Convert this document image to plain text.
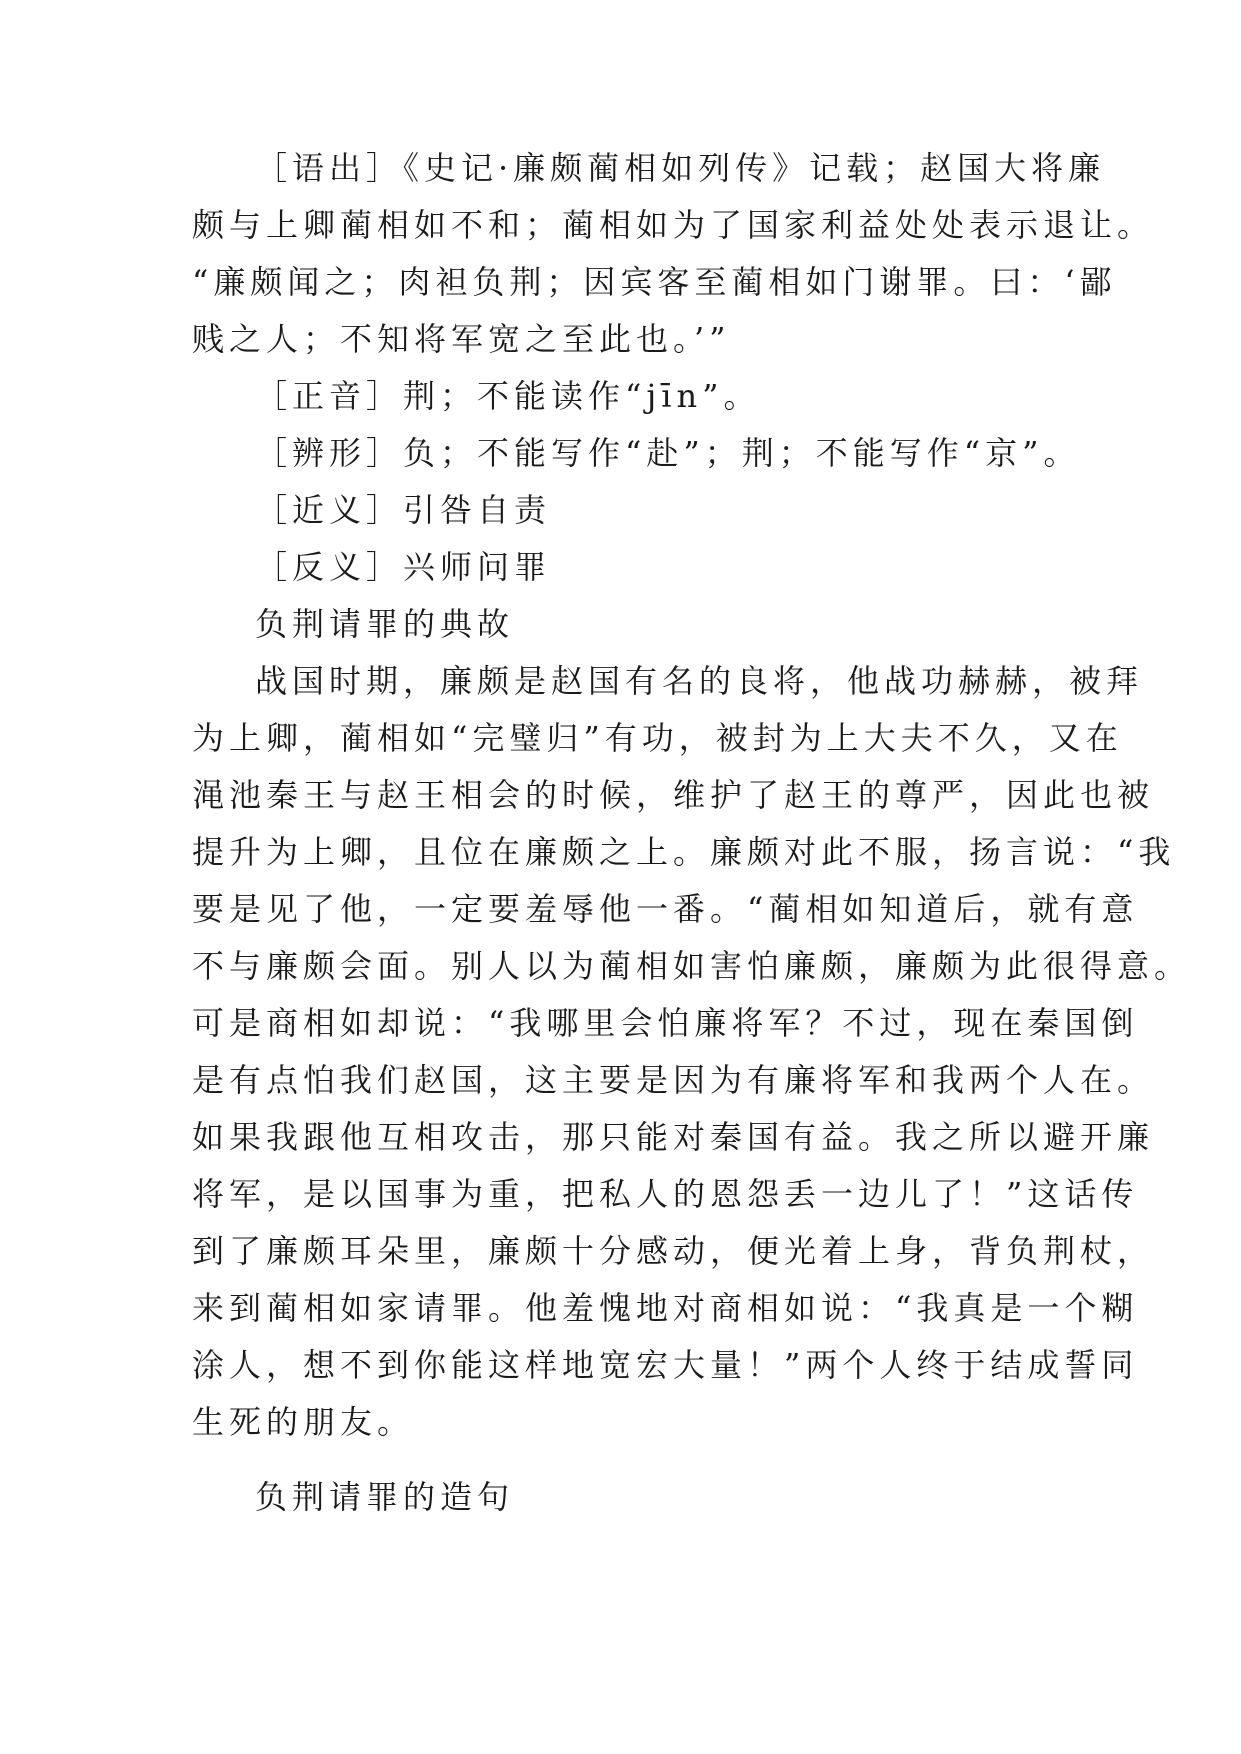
［语出］《史记·廉颇蔺相如列传》记载；赵国大将廉

颇与上卿蔺相如不和；蔺相如为了国家利益处处表示退让。

“廉颇闻之；肉袒负荆；因宾客至蔺相如门谢罪。曰：‘鄙

贱之人；不知将军宽之至此也。’”

［正音］荆；不能读作“jīn”。

［辨形］负；不能写作“赴”；荆；不能写作“京”。

［近义］引咎自责

［反义］兴师问罪

负荆请罪的典故

战国时期，廉颇是赵国有名的良将，他战功赫赫，被拜

为上卿，蔺相如“完璧归”有功，被封为上大夫不久，又在

渑池秦王与赵王相会的时候，维护了赵王的尊严，因此也被

提升为上卿，且位在廉颇之上。廉颇对此不服，扬言说：“我

要是见了他，一定要羞辱他一番。“蔺相如知道后，就有意

不与廉颇会面。别人以为蔺相如害怕廉颇，廉颇为此很得意。

可是商相如却说：“我哪里会怕廉将军？不过，现在秦国倒

是有点怕我们赵国，这主要是因为有廉将军和我两个人在。

如果我跟他互相攻击，那只能对秦国有益。我之所以避开廉

将军，是以国事为重，把私人的恩怨丢一边儿了！”这话传

到了廉颇耳朵里，廉颇十分感动，便光着上身，背负荆杖，

来到蔺相如家请罪。他羞愧地对商相如说：“我真是一个糊

涂人，想不到你能这样地宽宏大量！”两个人终于结成誓同

生死的朋友。

负荆请罪的造句
